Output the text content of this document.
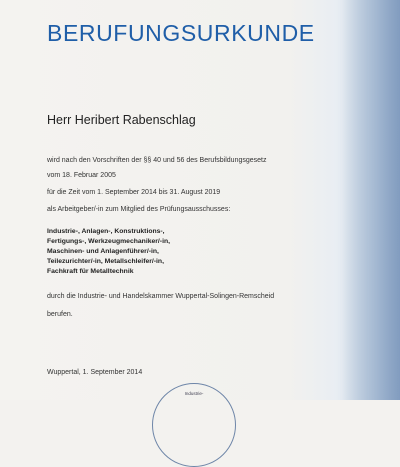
BERUFUNGSURKUNDE
Herr Heribert Rabenschlag
wird nach den Vorschriften der §§ 40 und 56 des Berufsbildungsgesetz
vom 18. Februar 2005
für die Zeit vom 1. September 2014 bis 31. August 2019
als Arbeitgeber/-in zum Mitglied des Prüfungsausschusses:
Industrie-, Anlagen-, Konstruktions-,
Fertigungs-, Werkzeugmechaniker/-in,
Maschinen- und Anlagenführer/-in,
Teilezurichter/-in, Metallschleifer/-in,
Fachkraft für Metalltechnik
durch die Industrie- und Handelskammer Wuppertal-Solingen-Remscheid
berufen.
Wuppertal, 1. September 2014
Industrie-
